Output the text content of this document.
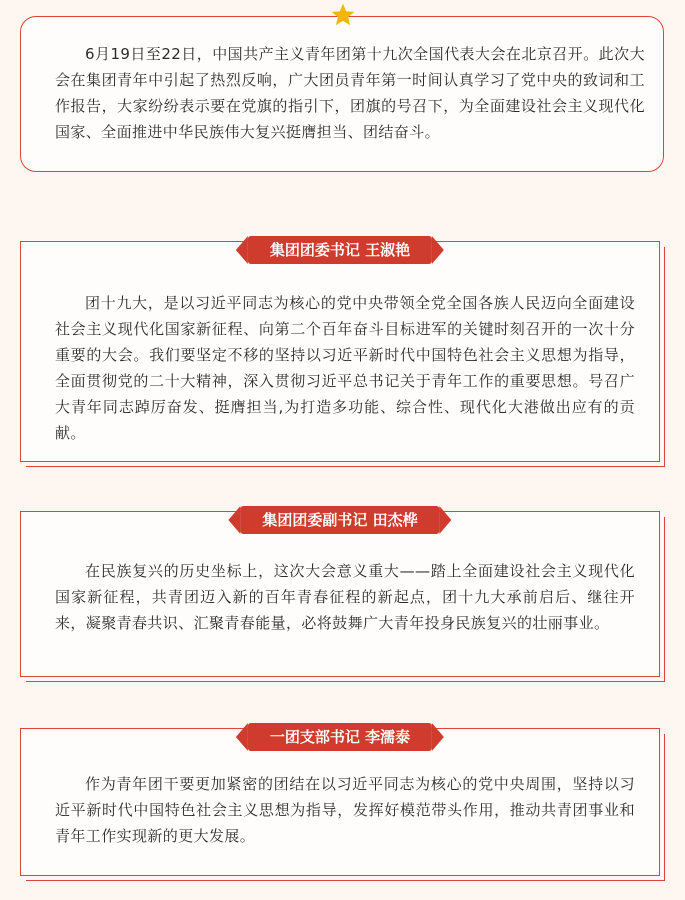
6月19日至22日，中国共产主义青年团第十九次全国代表大会在北京召开。此次大会在集团青年中引起了热烈反响，广大团员青年第一时间认真学习了党中央的致词和工作报告，大家纷纷表示要在党旗的指引下，团旗的号召下，为全面建设社会主义现代化国家、全面推进中华民族伟大复兴挺膺担当、团结奋斗。

集团团委书记 王淑艳

团十九大，是以习近平同志为核心的党中央带领全党全国各族人民迈向全面建设社会主义现代化国家新征程、向第二个百年奋斗目标进军的关键时刻召开的一次十分重要的大会。我们要坚定不移的坚持以习近平新时代中国特色社会主义思想为指导，全面贯彻党的二十大精神，深入贯彻习近平总书记关于青年工作的重要思想。号召广大青年同志踔厉奋发、挺膺担当,为打造多功能、综合性、现代化大港做出应有的贡献。

集团团委副书记 田杰桦

在民族复兴的历史坐标上，这次大会意义重大——踏上全面建设社会主义现代化国家新征程，共青团迈入新的百年青春征程的新起点，团十九大承前启后、继往开来，凝聚青春共识、汇聚青春能量，必将鼓舞广大青年投身民族复兴的壮丽事业。

一团支部书记 李濡泰

作为青年团干要更加紧密的团结在以习近平同志为核心的党中央周围，坚持以习近平新时代中国特色社会主义思想为指导，发挥好模范带头作用，推动共青团事业和青年工作实现新的更大发展。
